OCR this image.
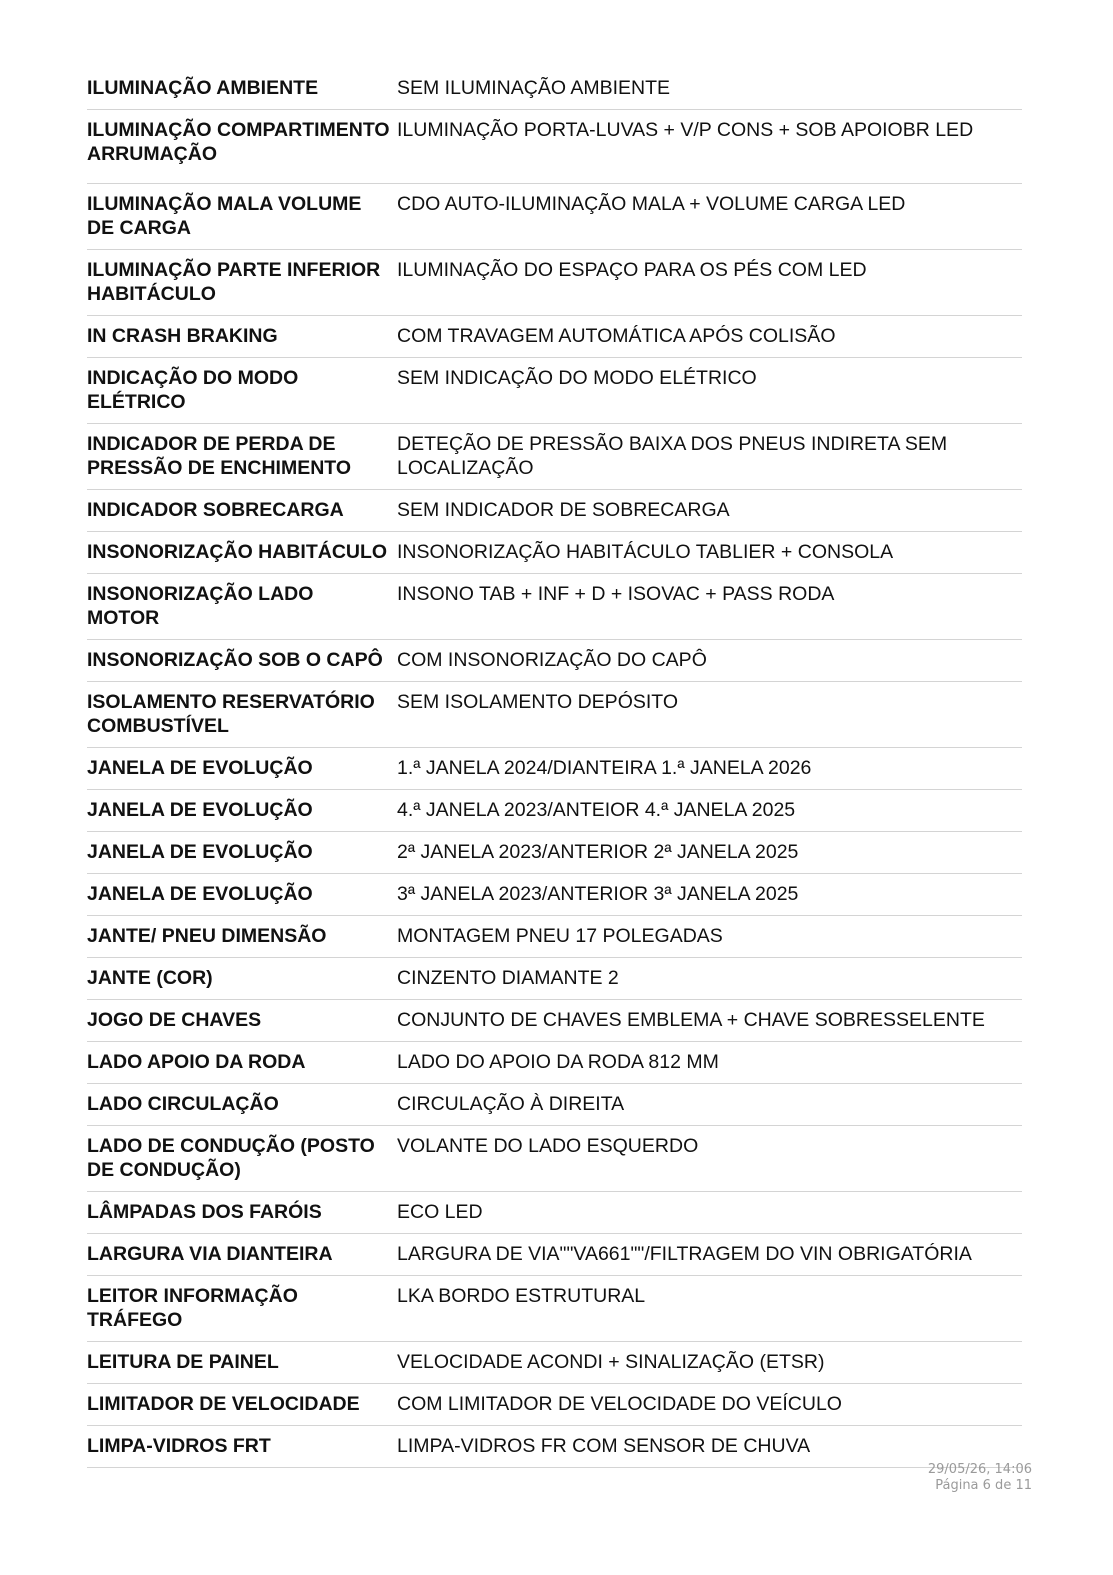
ILUMINAÇÃO AMBIENTE	SEM ILUMINAÇÃO AMBIENTE
ILUMINAÇÃO COMPARTIMENTO ARRUMAÇÃO	ILUMINAÇÃO PORTA-LUVAS + V/P CONS + SOB APOIOBR LED
ILUMINAÇÃO MALA VOLUME DE CARGA	CDO AUTO-ILUMINAÇÃO MALA + VOLUME CARGA LED
ILUMINAÇÃO PARTE INFERIOR HABITÁCULO	ILUMINAÇÃO DO ESPAÇO PARA OS PÉS COM LED
IN CRASH BRAKING	COM TRAVAGEM AUTOMÁTICA APÓS COLISÃO
INDICAÇÃO DO MODO ELÉTRICO	SEM INDICAÇÃO DO MODO ELÉTRICO
INDICADOR DE PERDA DE PRESSÃO DE ENCHIMENTO	DETEÇÃO DE PRESSÃO BAIXA DOS PNEUS INDIRETA SEM LOCALIZAÇÃO
INDICADOR SOBRECARGA	SEM INDICADOR DE SOBRECARGA
INSONORIZAÇÃO HABITÁCULO	INSONORIZAÇÃO HABITÁCULO TABLIER + CONSOLA
INSONORIZAÇÃO LADO MOTOR	INSONO TAB + INF + D + ISOVAC + PASS RODA
INSONORIZAÇÃO SOB O CAPÔ	COM INSONORIZAÇÃO DO CAPÔ
ISOLAMENTO RESERVATÓRIO COMBUSTÍVEL	SEM ISOLAMENTO DEPÓSITO
JANELA DE EVOLUÇÃO	1.ª JANELA 2024/DIANTEIRA 1.ª JANELA 2026
JANELA DE EVOLUÇÃO	4.ª JANELA 2023/ANTEIOR 4.ª JANELA 2025
JANELA DE EVOLUÇÃO	2ª JANELA 2023/ANTERIOR 2ª JANELA 2025
JANELA DE EVOLUÇÃO	3ª JANELA 2023/ANTERIOR 3ª JANELA 2025
JANTE/ PNEU DIMENSÃO	MONTAGEM PNEU 17 POLEGADAS
JANTE (COR)	CINZENTO DIAMANTE 2
JOGO DE CHAVES	CONJUNTO DE CHAVES EMBLEMA + CHAVE SOBRESSELENTE
LADO APOIO DA RODA	LADO DO APOIO DA RODA 812 MM
LADO CIRCULAÇÃO	CIRCULAÇÃO À DIREITA
LADO DE CONDUÇÃO (POSTO DE CONDUÇÃO)	VOLANTE DO LADO ESQUERDO
LÂMPADAS DOS FARÓIS	ECO LED
LARGURA VIA DIANTEIRA	LARGURA DE VIA""VA661""/FILTRAGEM DO VIN OBRIGATÓRIA
LEITOR INFORMAÇÃO TRÁFEGO	LKA BORDO ESTRUTURAL
LEITURA DE PAINEL	VELOCIDADE ACONDI + SINALIZAÇÃO (ETSR)
LIMITADOR DE VELOCIDADE	COM LIMITADOR DE VELOCIDADE DO VEÍCULO
LIMPA-VIDROS FRT	LIMPA-VIDROS FR COM SENSOR DE CHUVA
29/05/26, 14:06
Página 6 de 11
